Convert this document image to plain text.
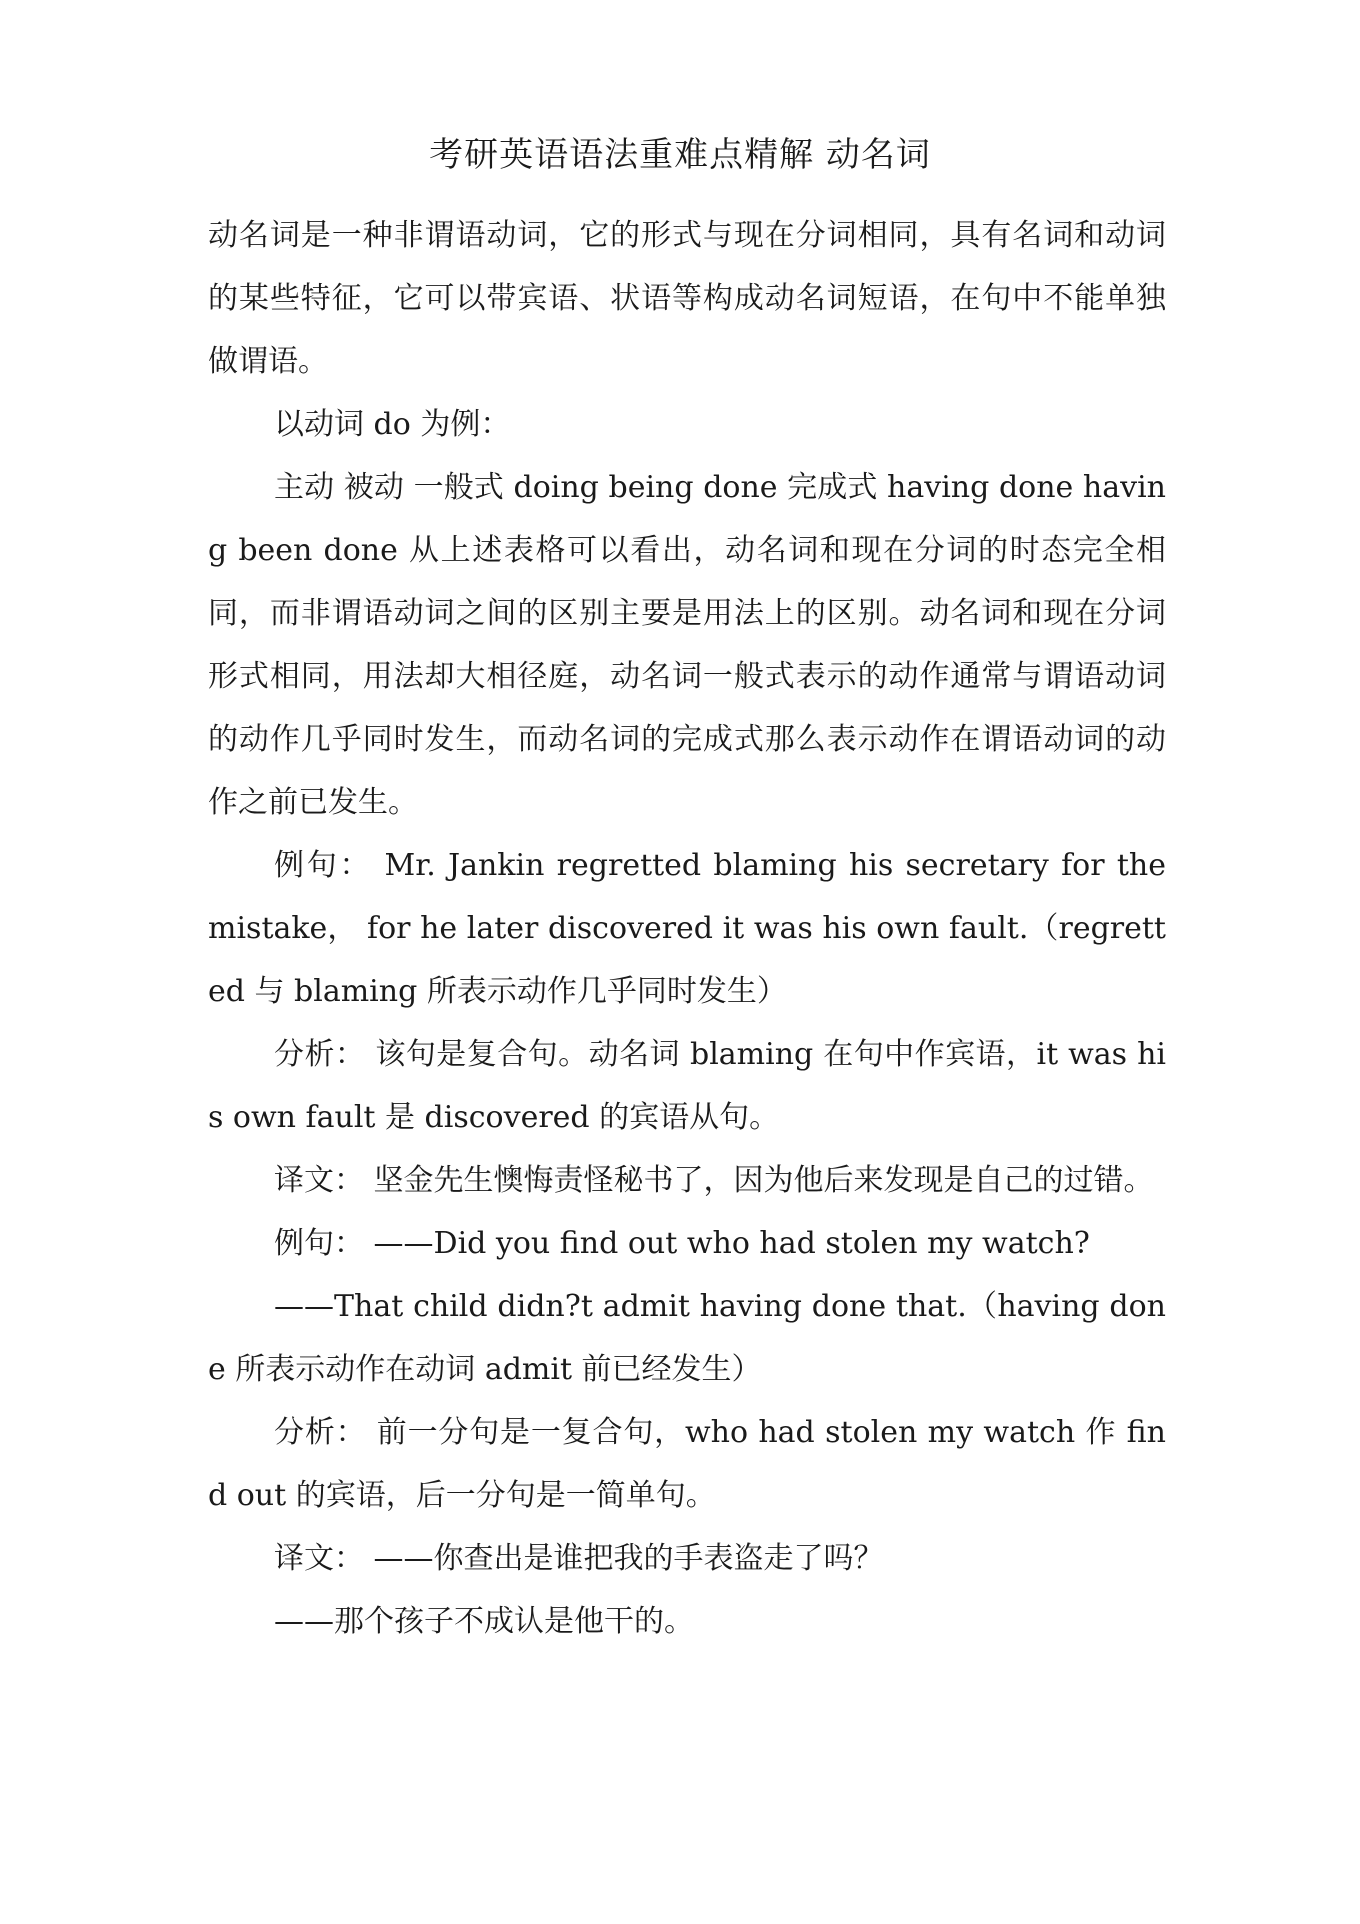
考研英语语法重难点精解 动名词

动名词是一种非谓语动词，它的形式与现在分词相同，具有名词和动词的某些特征，它可以带宾语、状语等构成动名词短语，在句中不能单独做谓语。

以动词 do 为例：

主动 被动 一般式 doing being done 完成式 having done having been done 从上述表格可以看出，动名词和现在分词的时态完全相同，而非谓语动词之间的区别主要是用法上的区别。动名词和现在分词形式相同，用法却大相径庭，动名词一般式表示的动作通常与谓语动词的动作几乎同时发生，而动名词的完成式那么表示动作在谓语动词的动作之前已发生。

例句： Mr. Jankin regretted blaming his secretary for the mistake， for he later discovered it was his own fault.（regretted 与 blaming 所表示动作几乎同时发生）

分析： 该句是复合句。动名词 blaming 在句中作宾语，it was his own fault 是 discovered 的宾语从句。

译文： 坚金先生懊悔责怪秘书了，因为他后来发现是自己的过错。

例句： ——Did you find out who had stolen my watch?

——That child didn?t admit having done that.（having done 所表示动作在动词 admit 前已经发生）

分析： 前一分句是一复合句，who had stolen my watch 作 find out 的宾语，后一分句是一简单句。

译文： ——你查出是谁把我的手表盗走了吗？

——那个孩子不成认是他干的。
